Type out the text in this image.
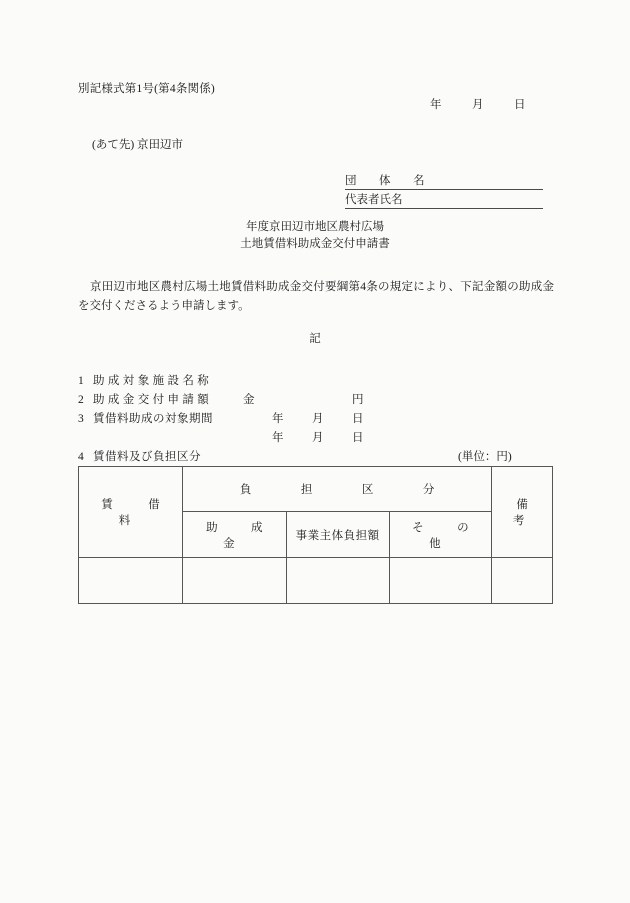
別記様式第1号(第4条関係)
年	月	日
(あて先) 京田辺市
団　体　名
代表者氏名
年度京田辺市地区農村広場
土地賃借料助成金交付申請書
京田辺市地区農村広場土地賃借料助成金交付要綱第4条の規定により、下記金額の助成金を交付くださるよう申請します。
記
1 助成対象施設名称
2 助成金交付申請額	金	円
3 賃借料助成の対象期間	年 月 日
年 月 日
4 賃借料及び負担区分	(単位：円)
賃　借　料	負　担　区　分			備　考
	助　成　金	事業主体負担額	そ　の　他	
